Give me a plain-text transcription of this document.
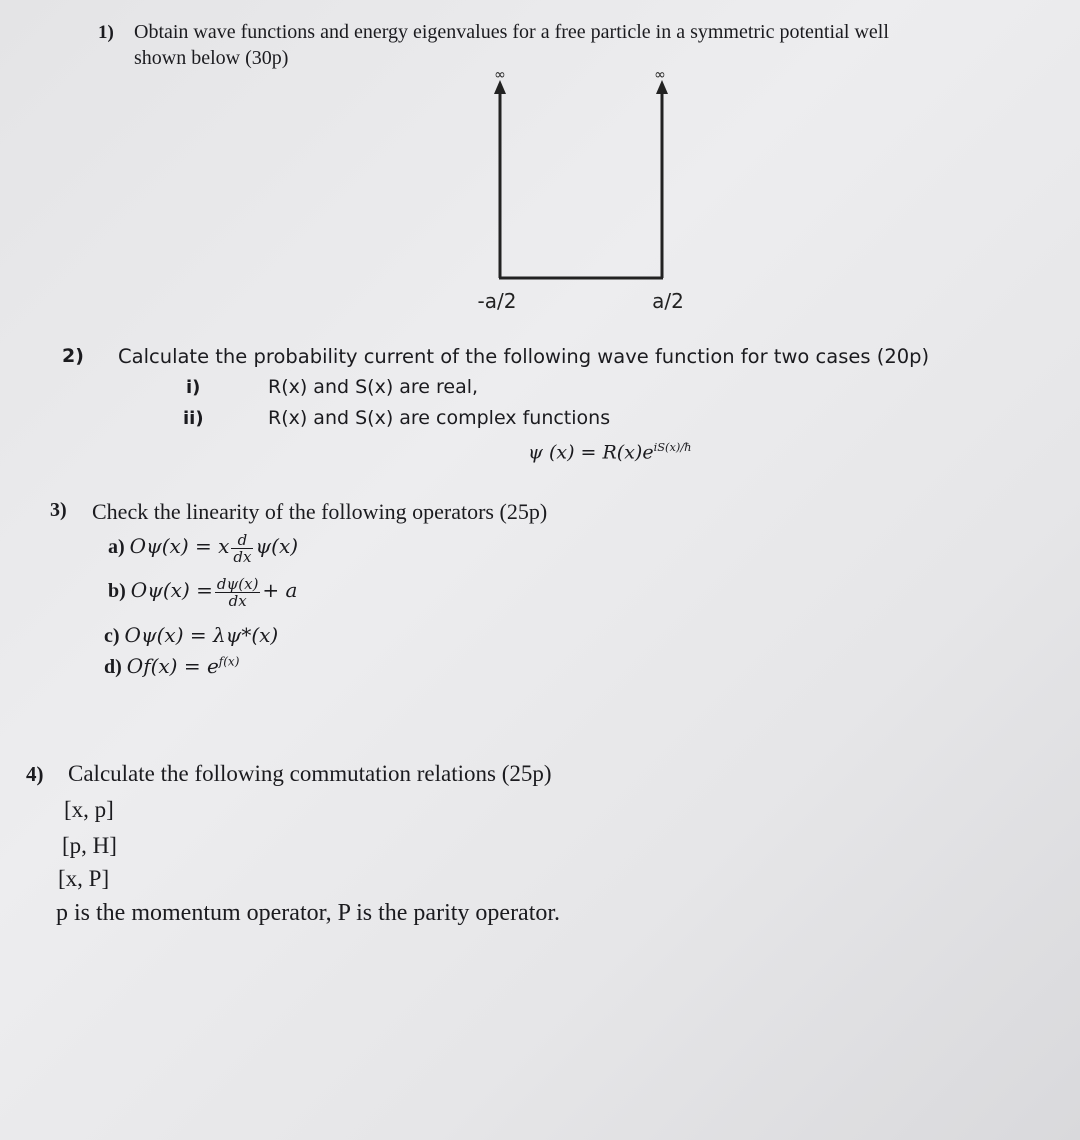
1) Obtain wave functions and energy eigenvalues for a free particle in a symmetric potential well
shown below (30p)
∞	∞
-a/2	a/2
2) Calculate the probability current of the following wave function for two cases (20p)
i)	R(x) and S(x) are real,
ii)	R(x) and S(x) are complex functions
ψ $(x) = R(x)e^{iS(x)/ħ}$
3) Check the linearity of the following operators (25p)
a) Oψ(x) = x $\frac{d}{dx} \psi(x)$
b) $O\psi(x) = \frac{d\psi(x)}{dx} + a$
c) Oψ(x) = λψ*(x)
d) $Of(x) = e^{f(x)}$
4) Calculate the following commutation relations (25p)
[x, p]
[p, H]
[x, P]
p is the momentum operator, P is the parity operator.
